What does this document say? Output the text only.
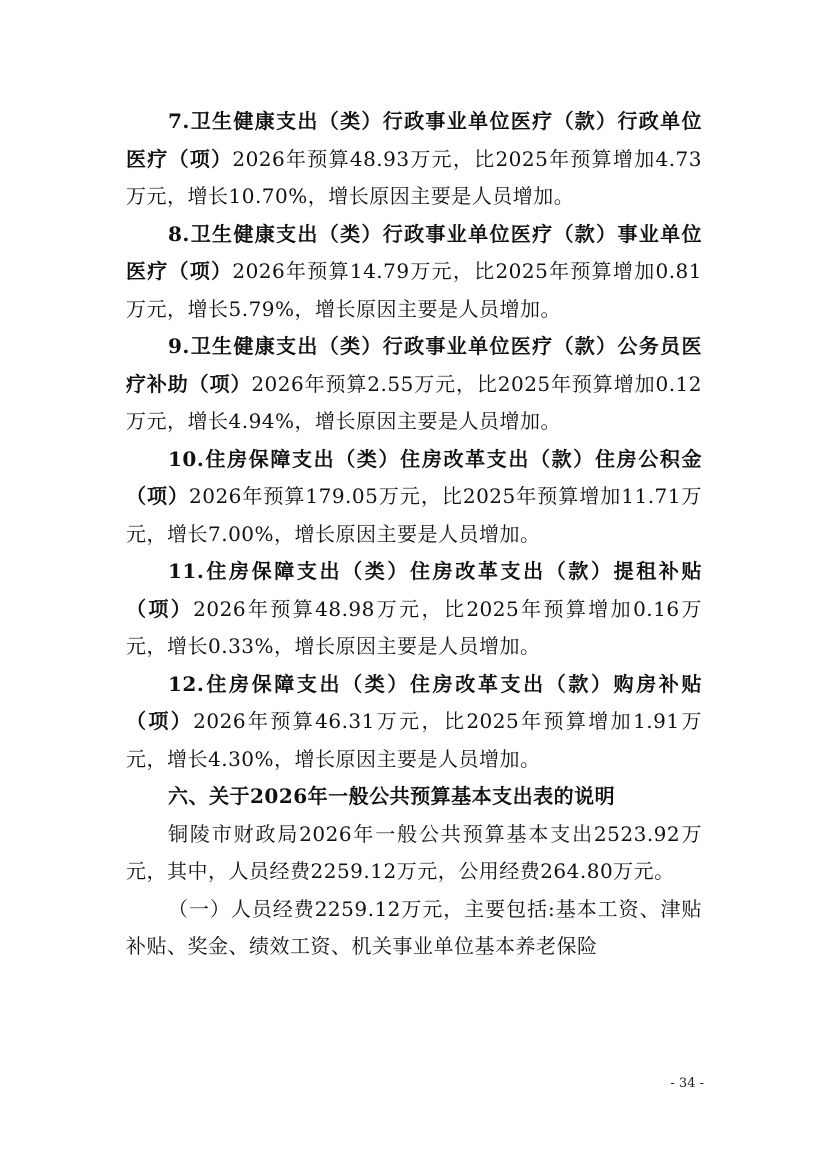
7.卫生健康支出（类）行政事业单位医疗（款）行政单位医疗（项）2026年预算48.93万元，比2025年预算增加4.73万元，增长10.70%，增长原因主要是人员增加。

8.卫生健康支出（类）行政事业单位医疗（款）事业单位医疗（项）2026年预算14.79万元，比2025年预算增加0.81万元，增长5.79%，增长原因主要是人员增加。

9.卫生健康支出（类）行政事业单位医疗（款）公务员医疗补助（项）2026年预算2.55万元，比2025年预算增加0.12万元，增长4.94%，增长原因主要是人员增加。

10.住房保障支出（类）住房改革支出（款）住房公积金（项）2026年预算179.05万元，比2025年预算增加11.71万元，增长7.00%，增长原因主要是人员增加。

11.住房保障支出（类）住房改革支出（款）提租补贴（项）2026年预算48.98万元，比2025年预算增加0.16万元，增长0.33%，增长原因主要是人员增加。

12.住房保障支出（类）住房改革支出（款）购房补贴（项）2026年预算46.31万元，比2025年预算增加1.91万元，增长4.30%，增长原因主要是人员增加。

六、关于2026年一般公共预算基本支出表的说明

铜陵市财政局2026年一般公共预算基本支出2523.92万元，其中，人员经费2259.12万元，公用经费264.80万元。

（一）人员经费2259.12万元，主要包括:基本工资、津贴补贴、奖金、绩效工资、机关事业单位基本养老保险

- 34 -
